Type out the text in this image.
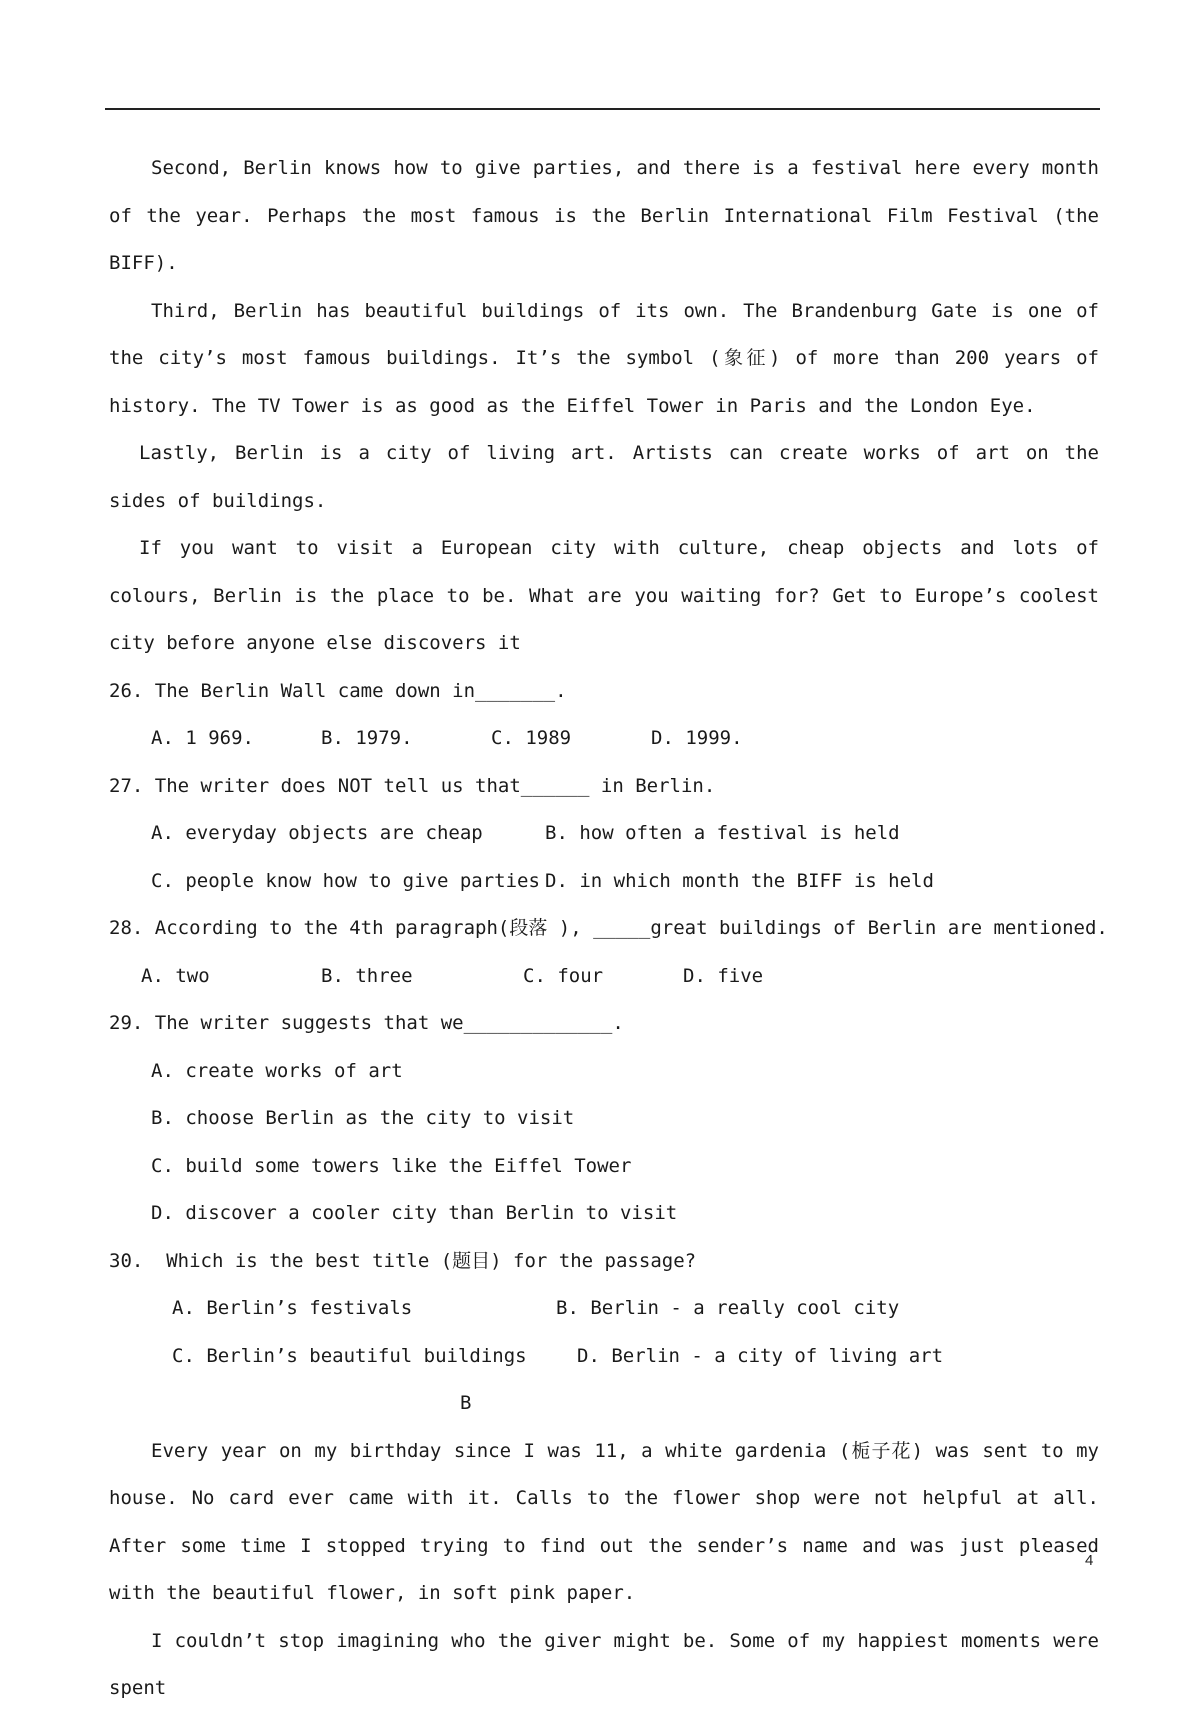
Second, Berlin knows how to give parties, and there is a festival here every month of the year. Perhaps the most famous is the Berlin International Film Festival (the BIFF).

Third, Berlin has beautiful buildings of its own. The Brandenburg Gate is one of the city’s most famous buildings. It’s the symbol (象征) of more than 200 years of history. The TV Tower is as good as the Eiffel Tower in Paris and the London Eye.

Lastly, Berlin is a city of living art. Artists can create works of art on the sides of buildings.

If you want to visit a European city with culture, cheap objects and lots of colours, Berlin is the place to be. What are you waiting for? Get to Europe’s coolest city before anyone else discovers it

26. The Berlin Wall came down in_______.

A. 1 969.	B. 1979.	C. 1989	D. 1999.

27. The writer does NOT tell us that______ in Berlin.

A. everyday objects are cheap	B. how often a festival is held
C. people know how to give parties D. in which month the BIFF is held

28. According to the 4th paragraph(段落 ), _____great buildings of Berlin are mentioned.

A. two	B. three	C. four	D. five

29. The writer suggests that we_____________.

A. create works of art

B. choose Berlin as the city to visit

C. build some towers like the Eiffel Tower

D. discover a cooler city than Berlin to visit

30.  Which is the best title (题目) for the passage?

A. Berlin’s festivals	B. Berlin - a really cool city
C. Berlin’s beautiful buildings	D. Berlin - a city of living art

B

Every year on my birthday since I was 11, a white gardenia (栀子花) was sent to my house. No card ever came with it. Calls to the flower shop were not helpful at all. After some time I stopped trying to find out the sender’s name and was just pleased with the beautiful flower, in soft pink paper.

I couldn’t stop imagining who the giver might be. Some of my happiest moments were spent

4
